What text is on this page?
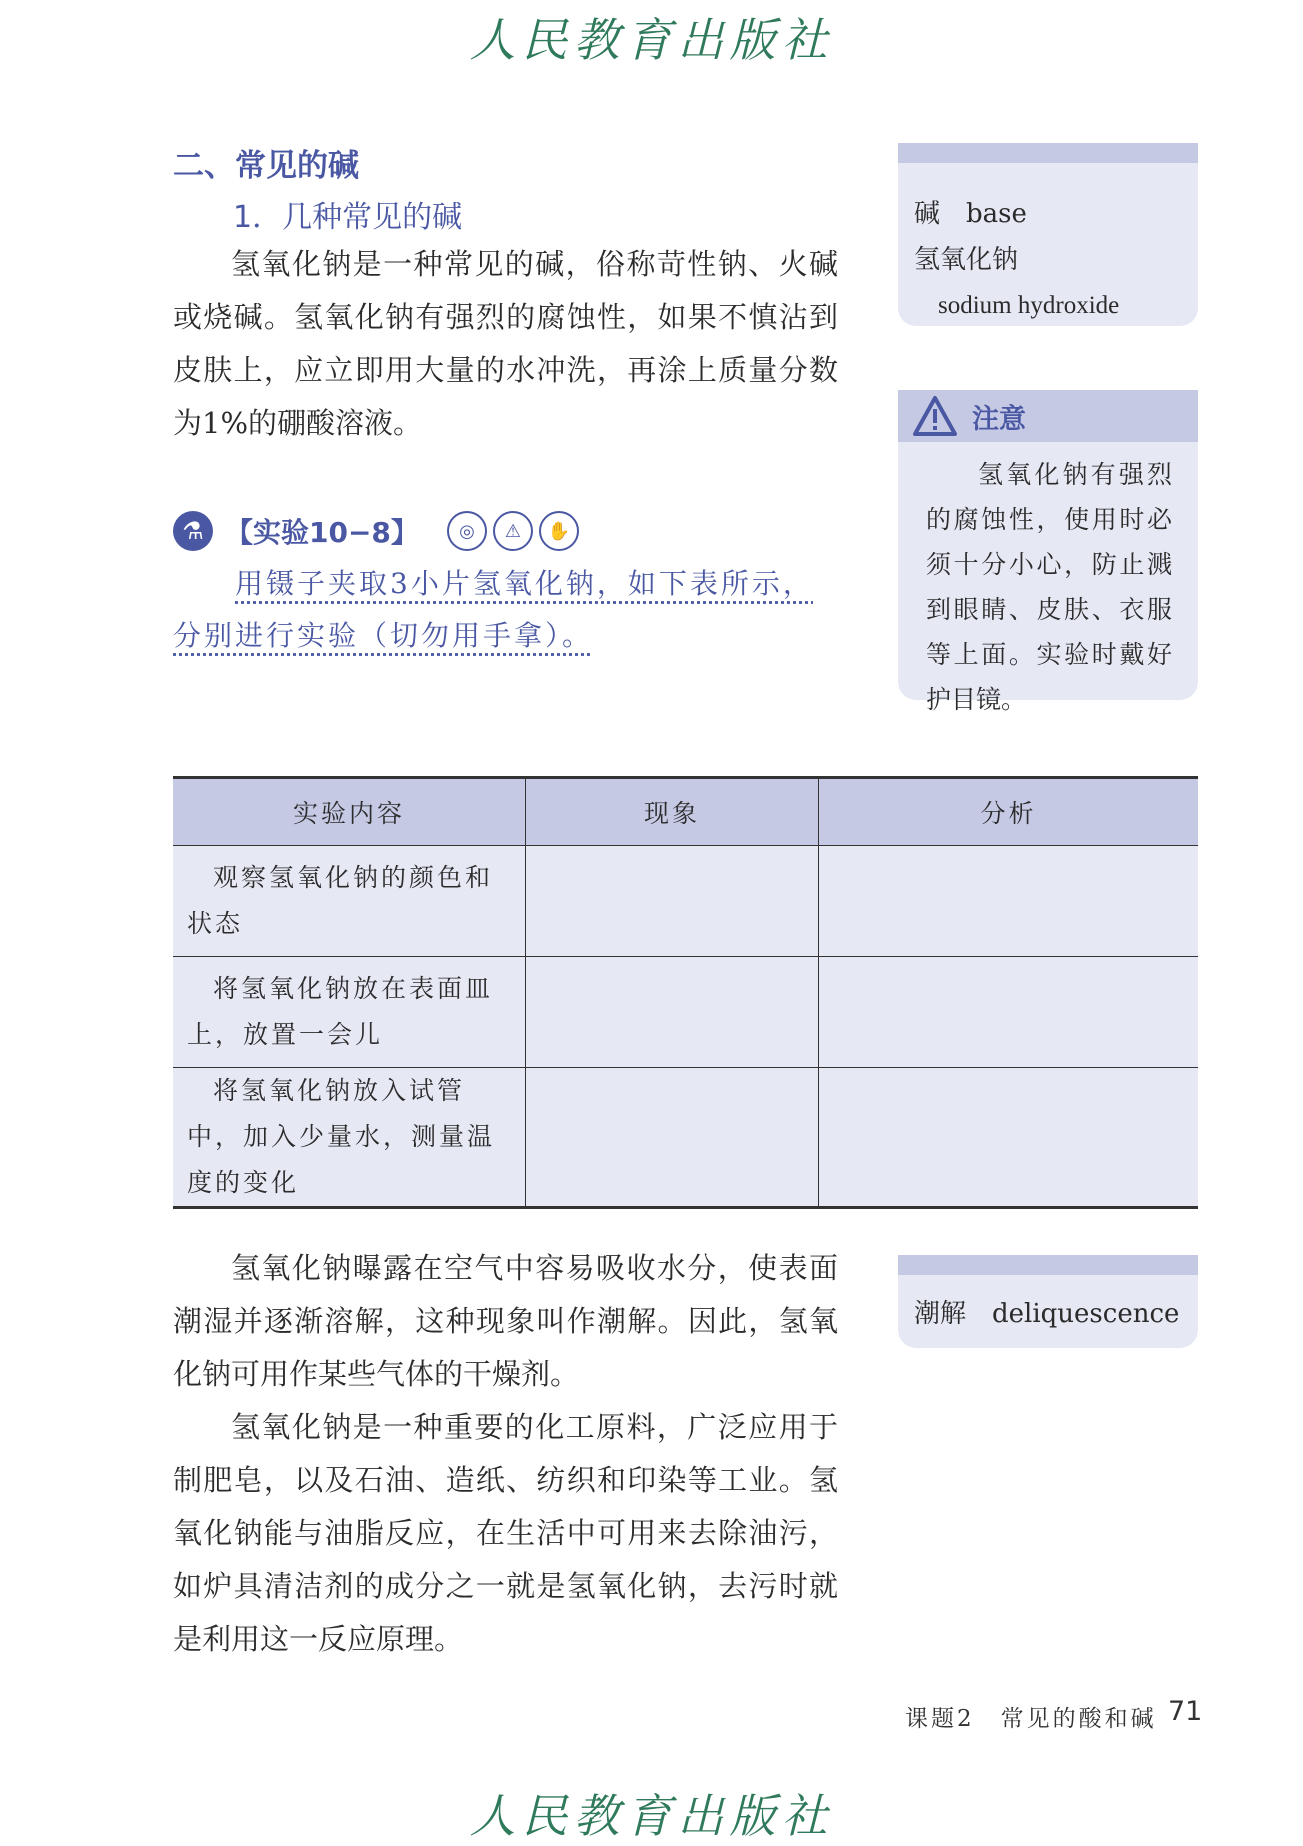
人民教育出版社
二、常见的碱
1．几种常见的碱
氢氧化钠是一种常见的碱，俗称苛性钠、火碱或烧碱。氢氧化钠有强烈的腐蚀性，如果不慎沾到皮肤上，应立即用大量的水冲洗，再涂上质量分数为1%的硼酸溶液。
⚗ 【实验10−8】	◎	⚠	✋
用镊子夹取3小片氢氧化钠，如下表所示，分别进行实验（切勿用手拿）。
碱　base
氢氧化钠
sodium hydroxide
注意
氢氧化钠有强烈的腐蚀性，使用时必须十分小心，防止溅到眼睛、皮肤、衣服等上面。实验时戴好护目镜。
实验内容	现象	分析
观察氢氧化钠的颜色和状态		
将氢氧化钠放在表面皿上，放置一会儿		
将氢氧化钠放入试管中，加入少量水，测量温度的变化		
氢氧化钠曝露在空气中容易吸收水分，使表面潮湿并逐渐溶解，这种现象叫作潮解。因此，氢氧化钠可用作某些气体的干燥剂。
氢氧化钠是一种重要的化工原料，广泛应用于制肥皂，以及石油、造纸、纺织和印染等工业。氢氧化钠能与油脂反应，在生活中可用来去除油污，如炉具清洁剂的成分之一就是氢氧化钠，去污时就是利用这一反应原理。
潮解　deliquescence
课题2　常见的酸和碱 71
人民教育出版社
